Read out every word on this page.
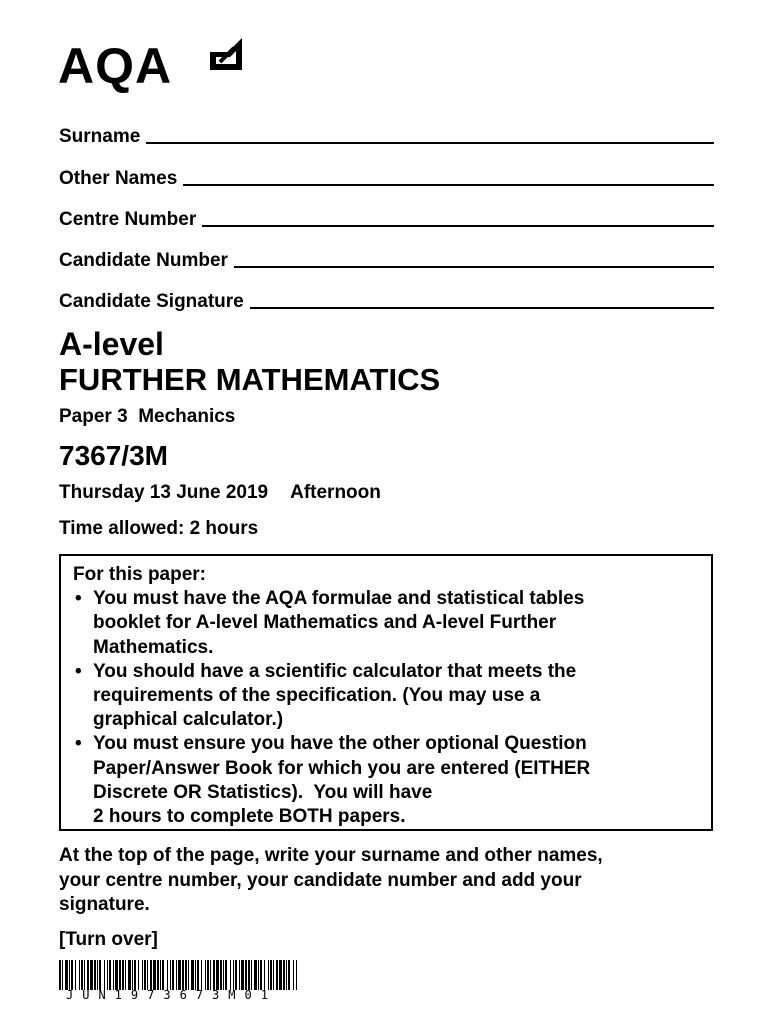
AQA
Surname
Other Names
Centre Number
Candidate Number
Candidate Signature
A-level
FURTHER MATHEMATICS
Paper 3  Mechanics
7367/3M
Thursday 13 June 2019 Afternoon
Time allowed: 2 hours
For this paper:
• You must have the AQA formulae and statistical tables
booklet for A-level Mathematics and A-level Further
Mathematics.
• You should have a scientific calculator that meets the
requirements of the specification. (You may use a
graphical calculator.)
• You must ensure you have the other optional Question
Paper/Answer Book for which you are entered (EITHER
Discrete OR Statistics).  You will have
2 hours to complete BOTH papers.
At the top of the page, write your surname and other names,
your centre number, your candidate number and add your
signature.
[Turn over]
JUN1973673M01
